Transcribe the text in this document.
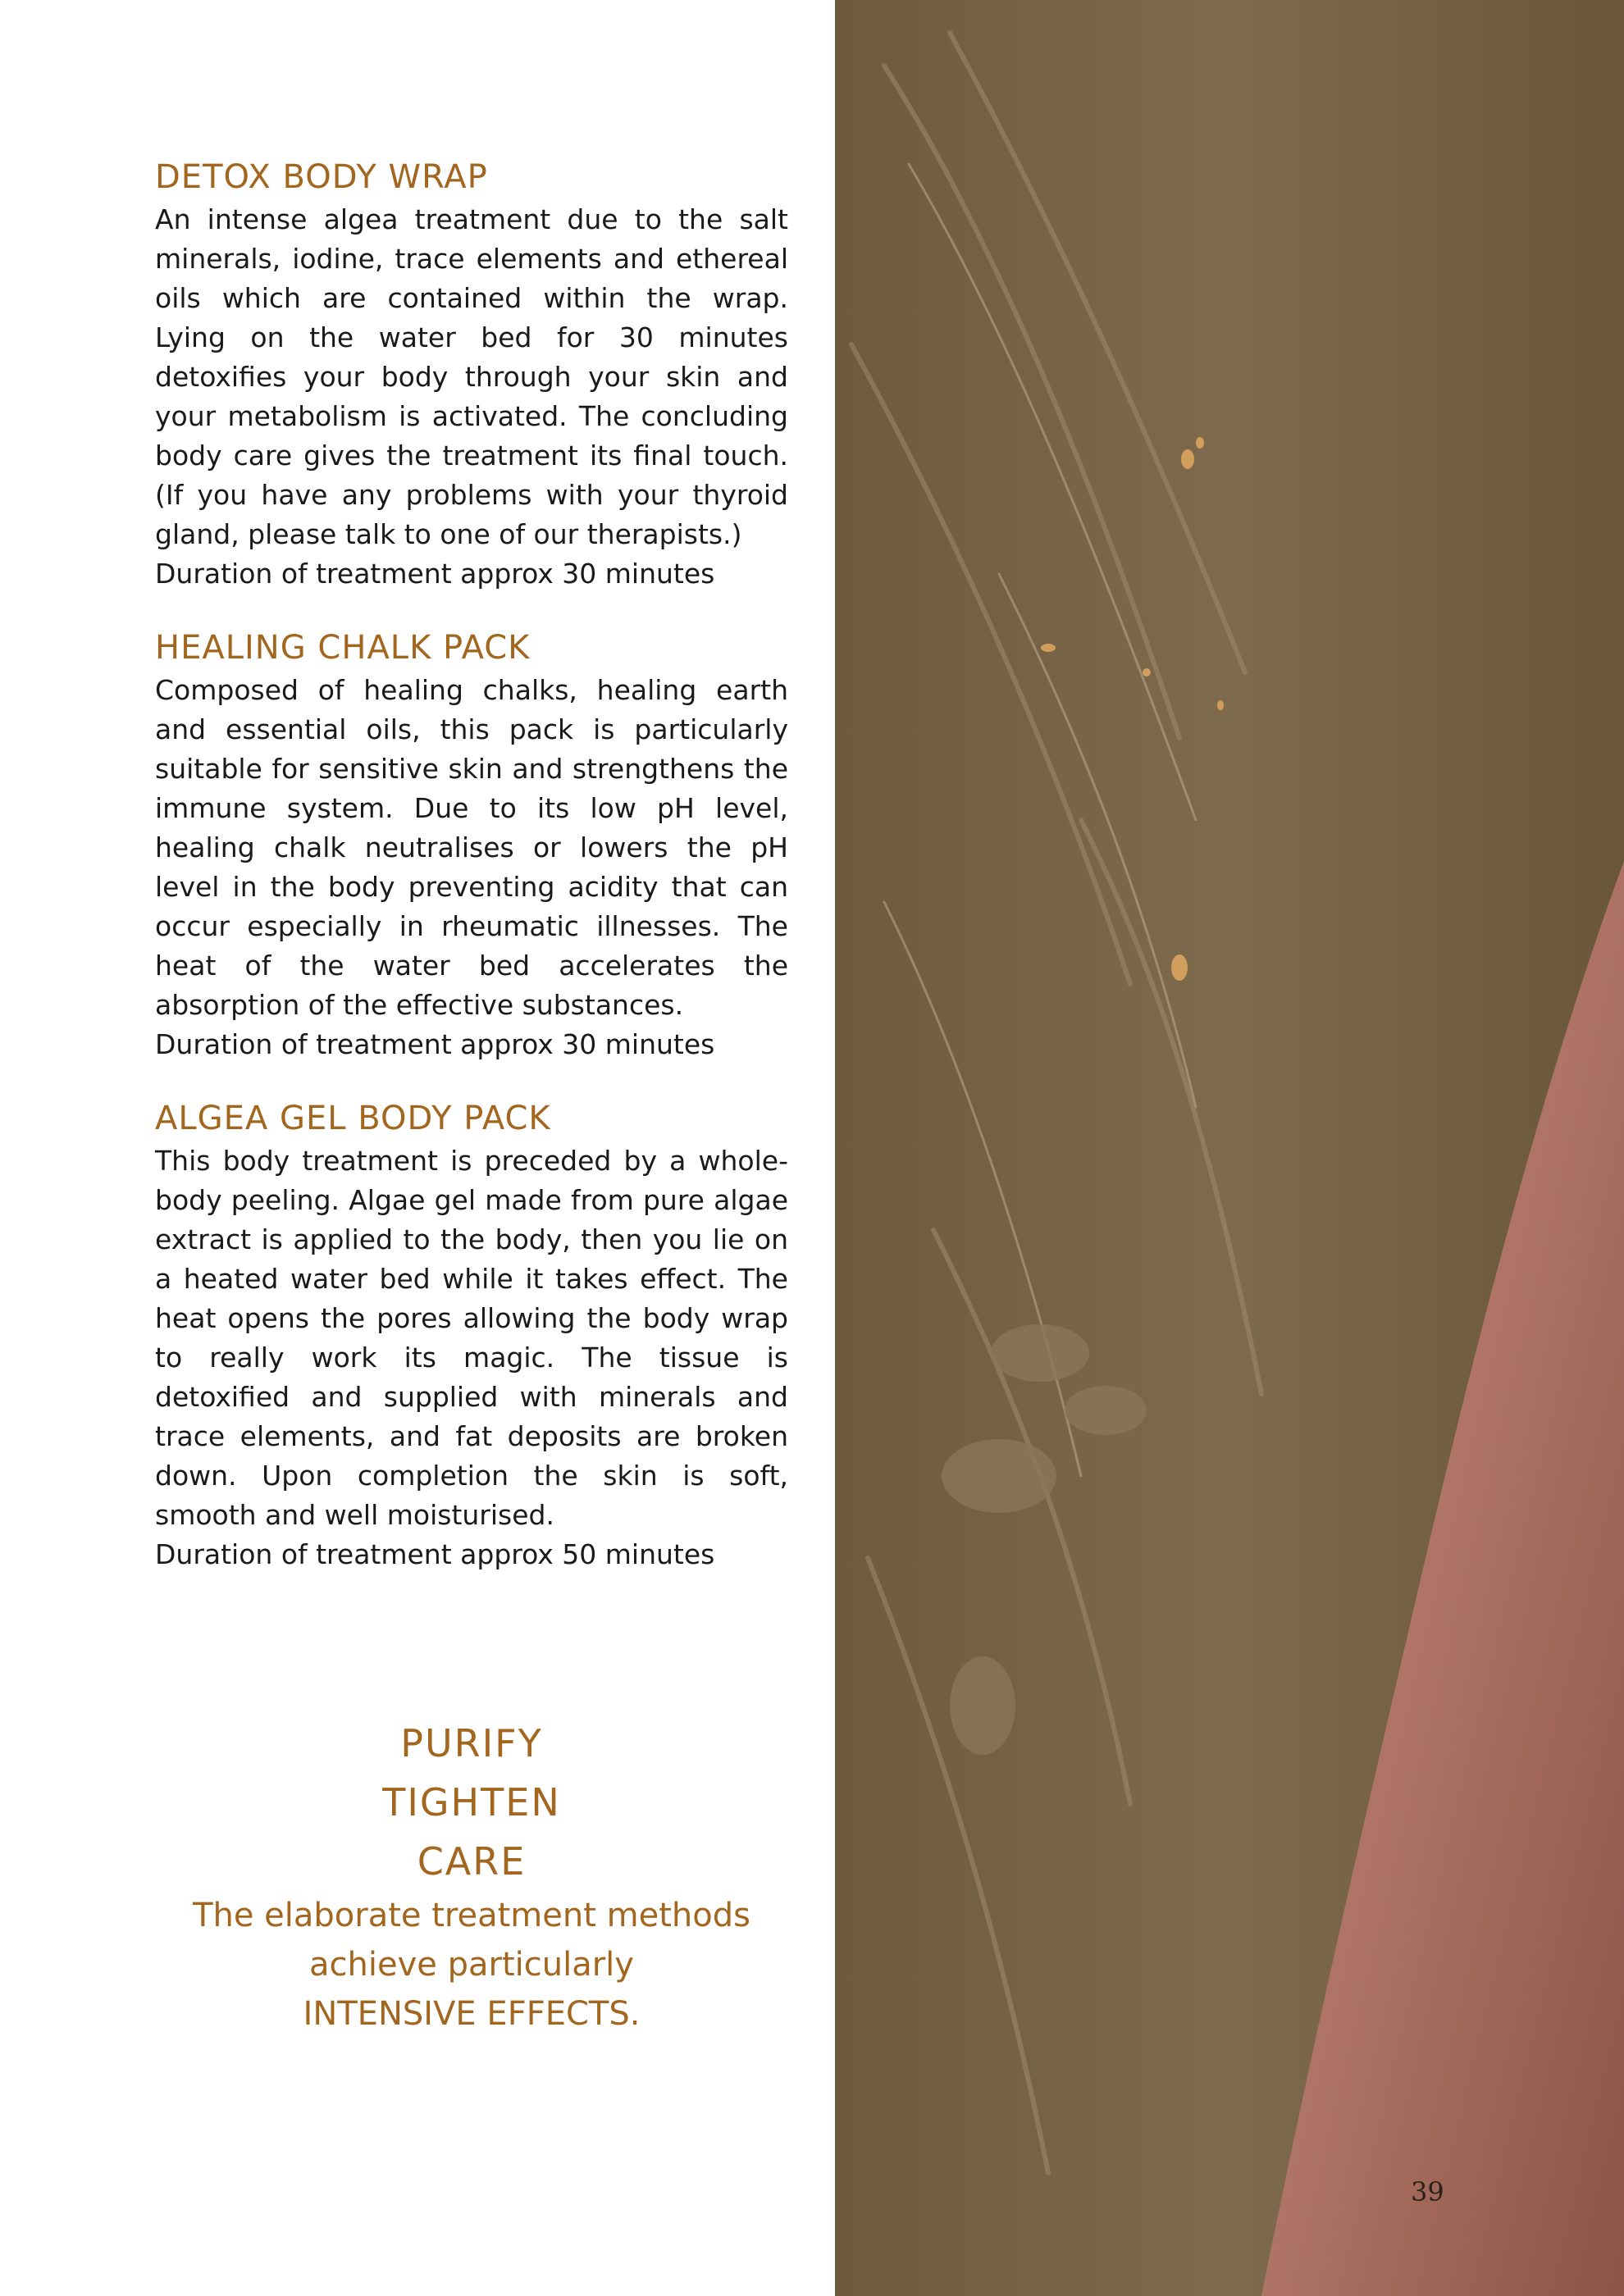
DETOX BODY WRAP

An intense algea treatment due to the salt minerals, iodine, trace elements and ethereal oils which are contained within the wrap. Lying on the water bed for 30 minutes detoxifies your body through your skin and your metabolism is activated. The concluding body care gives the treatment its final touch. (If you have any problems with your thyroid gland, please talk to one of our therapists.)

Duration of treatment approx 30 minutes

HEALING CHALK PACK

Composed of healing chalks, healing earth and essential oils, this pack is particularly suitable for sensitive skin and strengthens the immune system. Due to its low pH level, healing chalk neutralises or lowers the pH level in the body preventing acidity that can occur especially in rheumatic illnesses. The heat of the water bed accelerates the absorption of the effective substances.

Duration of treatment approx 30 minutes

ALGEA GEL BODY PACK

This body treatment is preceded by a whole-body peeling. Algae gel made from pure algae extract is applied to the body, then you lie on a heated water bed while it takes effect. The heat opens the pores allowing the body wrap to really work its magic. The tissue is detoxified and supplied with minerals and trace elements, and fat deposits are broken down. Upon completion the skin is soft, smooth and well moisturised.

Duration of treatment approx 50 minutes

PURIFY
TIGHTEN
CARE
The elaborate treatment methods
achieve particularly
INTENSIVE EFFECTS.
39
